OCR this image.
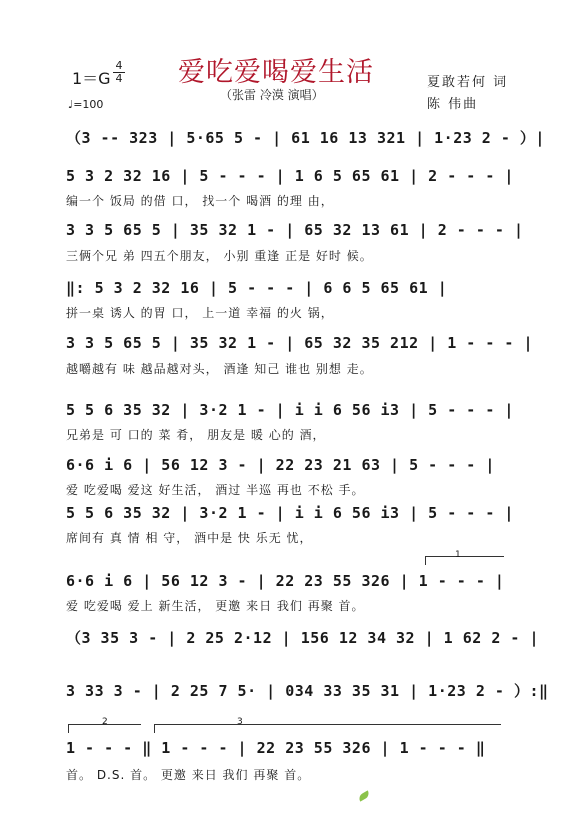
爱吃爱喝爱生活
（张雷 冷漠 演唱）
1＝G
4
4
♩=100
夏敢若何 词
陈 伟曲
（3 -- 323 | 5·65 5 - | 61 16 13 321 | 1·23 2 - ）|
5 3 2 32 16 | 5 - - - | 1 6 5 65 61 | 2 - - - |
编一个 饭局 的借 口， 找一个 喝酒 的理 由，
3 3 5 65 5 | 35 32 1 - | 65 32 13 61 | 2 - - - |
三俩个兄 弟 四五个朋友， 小别 重逢 正是 好时 候。
‖: 5 3 2 32 16 | 5 - - - | 6 6 5 65 61 |
拼一桌 诱人 的胃 口， 上一道 幸福 的火 锅，
3 3 5 65 5 | 35 32 1 - | 65 32 35 212 | 1 - - - |
越嚼越有 味 越品越对头， 酒逢 知己 谁也 别想 走。
5 5 6 35 32 | 3·2 1 - | i i 6 56 i3 | 5 - - - |
兄弟是 可 口的 菜 肴， 朋友是 暖 心的 酒，
6·6 i 6 | 56 12 3 - | 22 23 21 63 | 5 - - - |
爱 吃爱喝 爱这 好生活， 酒过 半巡 再也 不松 手。
5 5 6 35 32 | 3·2 1 - | i i 6 56 i3 | 5 - - - |
席间有 真 情 相 守， 酒中是 快 乐无 忧，
1
6·6 i 6 | 56 12 3 - | 22 23 55 326 | 1 - - - |
爱 吃爱喝 爱上 新生活， 更邀 来日 我们 再聚 首。
（3 35 3 - | 2 25 2·12 | 156 12 34 32 | 1 62 2 - |
3 33 3 - | 2 25 7 5· | 034 33 35 31 | 1·23 2 - ）:‖
2	3
1 - - - ‖ 1 - - - | 22 23 55 326 | 1 - - - ‖
首。 D.S. 首。 更邀 来日 我们 再聚 首。
